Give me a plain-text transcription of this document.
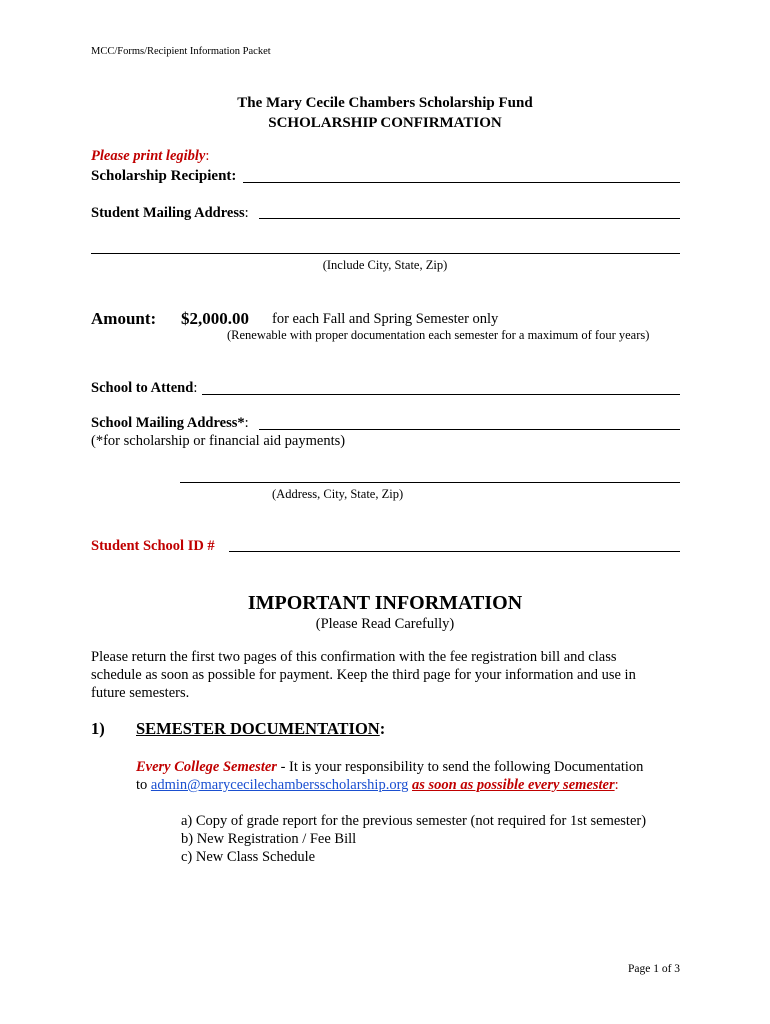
MCC/Forms/Recipient Information Packet
The Mary Cecile Chambers Scholarship Fund
SCHOLARSHIP CONFIRMATION
Please print legibly:
Scholarship Recipient:
Student Mailing Address:
(Include City, State, Zip)
Amount: $2,000.00 for each Fall and Spring Semester only
(Renewable with proper documentation each semester for a maximum of four years)
School to Attend:
School Mailing Address*:
(*for scholarship or financial aid payments)
(Address, City, State, Zip)
Student School ID #
IMPORTANT INFORMATION
(Please Read Carefully)
Please return the first two pages of this confirmation with the fee registration bill and class
schedule as soon as possible for payment. Keep the third page for your information and use in
future semesters.
1) SEMESTER DOCUMENTATION:
Every College Semester - It is your responsibility to send the following Documentation
to admin@marycecilechambersscholarship.org as soon as possible every semester:
a) Copy of grade report for the previous semester (not required for 1st semester)
b) New Registration / Fee Bill
c) New Class Schedule
Page 1 of 3
